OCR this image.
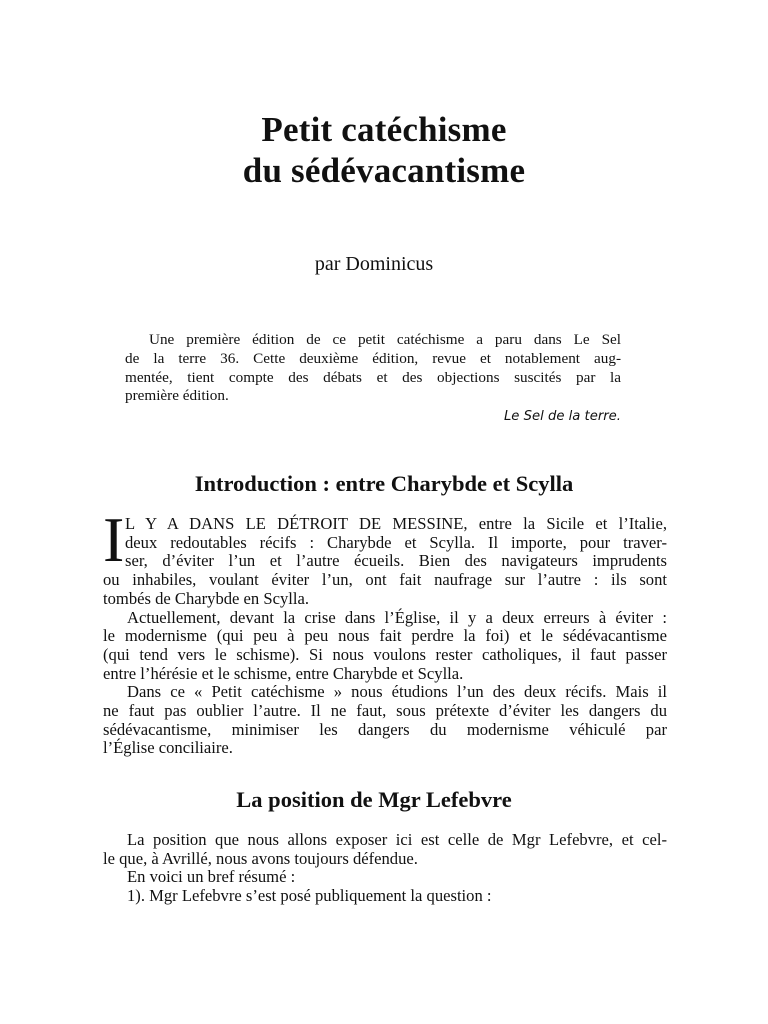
Petit catéchisme
du sédévacantisme
par Dominicus
Une première édition de ce petit catéchisme a paru dans Le Sel
de la terre 36. Cette deuxième édition, revue et notablement aug-
mentée, tient compte des débats et des objections suscités par la
première édition.
Le Sel de la terre.
Introduction : entre Charybde et Scylla
I L Y A DANS LE DÉTROIT DE MESSINE, entre la Sicile et l’Italie,
deux redoutables récifs : Charybde et Scylla. Il importe, pour traver-
ser, d’éviter l’un et l’autre écueils. Bien des navigateurs imprudents
ou inhabiles, voulant éviter l’un, ont fait naufrage sur l’autre : ils sont
tombés de Charybde en Scylla.
Actuellement, devant la crise dans l’Église, il y a deux erreurs à éviter :
le modernisme (qui peu à peu nous fait perdre la foi) et le sédévacantisme
(qui tend vers le schisme). Si nous voulons rester catholiques, il faut passer
entre l’hérésie et le schisme, entre Charybde et Scylla.
Dans ce « Petit catéchisme » nous étudions l’un des deux récifs. Mais il
ne faut pas oublier l’autre. Il ne faut, sous prétexte d’éviter les dangers du
sédévacantisme, minimiser les dangers du modernisme véhiculé par
l’Église conciliaire.
La position de Mgr Lefebvre
La position que nous allons exposer ici est celle de Mgr Lefebvre, et cel-
le que, à Avrillé, nous avons toujours défendue.
En voici un bref résumé :
1). Mgr Lefebvre s’est posé publiquement la question :
